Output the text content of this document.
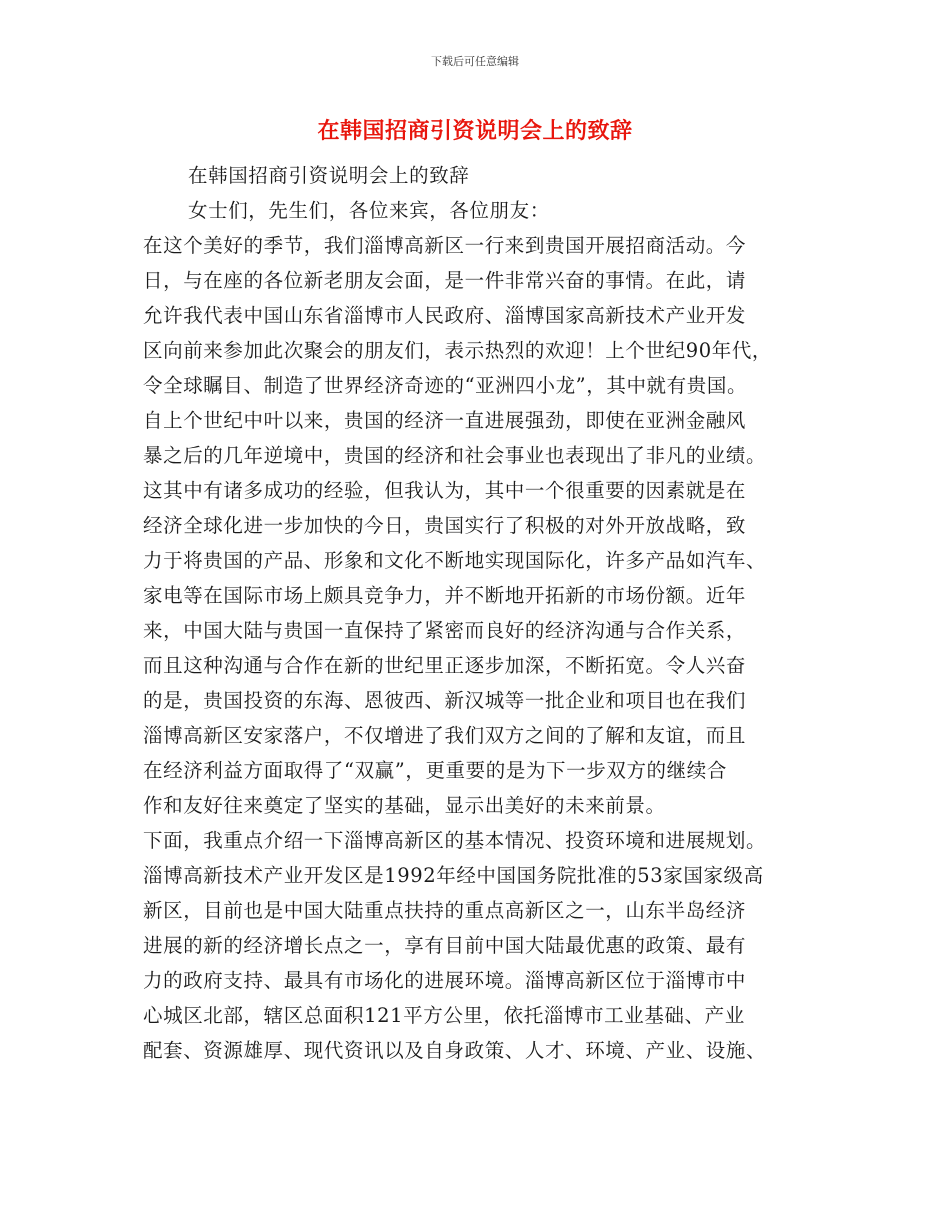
下载后可任意编辑
在韩国招商引资说明会上的致辞
在韩国招商引资说明会上的致辞
女士们，先生们，各位来宾，各位朋友：
在这个美好的季节，我们淄博高新区一行来到贵国开展招商活动。今
日，与在座的各位新老朋友会面，是一件非常兴奋的事情。在此，请
允许我代表中国山东省淄博市人民政府、淄博国家高新技术产业开发
区向前来参加此次聚会的朋友们，表示热烈的欢迎！上个世纪90年代，
令全球瞩目、制造了世界经济奇迹的“亚洲四小龙”，其中就有贵国。
自上个世纪中叶以来，贵国的经济一直进展强劲，即使在亚洲金融风
暴之后的几年逆境中，贵国的经济和社会事业也表现出了非凡的业绩。
这其中有诸多成功的经验，但我认为，其中一个很重要的因素就是在
经济全球化进一步加快的今日，贵国实行了积极的对外开放战略，致
力于将贵国的产品、形象和文化不断地实现国际化，许多产品如汽车、
家电等在国际市场上颇具竞争力，并不断地开拓新的市场份额。近年
来，中国大陆与贵国一直保持了紧密而良好的经济沟通与合作关系，
而且这种沟通与合作在新的世纪里正逐步加深，不断拓宽。令人兴奋
的是，贵国投资的东海、恩彼西、新汉城等一批企业和项目也在我们
淄博高新区安家落户，不仅增进了我们双方之间的了解和友谊，而且
在经济利益方面取得了“双赢”，更重要的是为下一步双方的继续合
作和友好往来奠定了坚实的基础，显示出美好的未来前景。
下面，我重点介绍一下淄博高新区的基本情况、投资环境和进展规划。
淄博高新技术产业开发区是1992年经中国国务院批准的53家国家级高
新区，目前也是中国大陆重点扶持的重点高新区之一，山东半岛经济
进展的新的经济增长点之一，享有目前中国大陆最优惠的政策、最有
力的政府支持、最具有市场化的进展环境。淄博高新区位于淄博市中
心城区北部，辖区总面积121平方公里，依托淄博市工业基础、产业
配套、资源雄厚、现代资讯以及自身政策、人才、环境、产业、设施、
